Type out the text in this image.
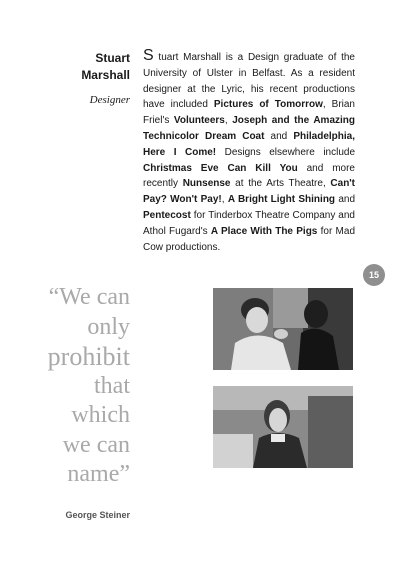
Stuart
Marshall
Designer
S tuart Marshall is a Design graduate of the University of Ulster in Belfast. As a resident designer at the Lyric, his recent productions have included Pictures of Tomorrow, Brian Friel's Volunteers, Joseph and the Amazing Technicolor Dream Coat and Philadelphia, Here I Come! Designs elsewhere include Christmas Eve Can Kill You and more recently Nunsense at the Arts Theatre, Can't Pay? Won't Pay!, A Bright Light Shining and Pentecost for Tinderbox Theatre Company and Athol Fugard's A Place With The Pigs for Mad Cow productions.
15
“We can
only
prohibit
that
which
we can
name”
George Steiner
